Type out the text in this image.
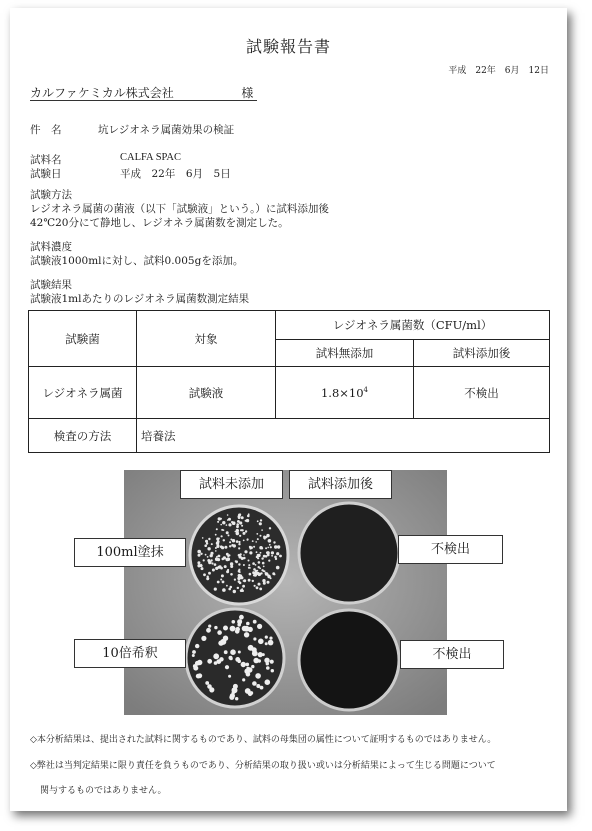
試験報告書
平成　22年　6月　12日
カルファケミカル株式会社	様
件　名	坑レジオネラ属菌効果の検証
試料名	CALFA SPAC
試験日	平成　22年　6月　5日
試験方法
レジオネラ属菌の菌液（以下「試験液」という。）に試料添加後
42℃20分にて静地し、レジオネラ属菌数を測定した。
試料濃度
試験液1000mlに対し、試料0.005gを添加。
試験結果
試験液1mlあたりのレジオネラ属菌数測定結果
試験菌	対象	レジオネラ属菌数（CFU/ml）	
		試料無添加	試料添加後
レジオネラ属菌	試験液	$1.8\times 10^4$	不検出
検査の方法	培養法		
試料未添加	試料添加後
100ml塗抹	不検出
10倍希釈	不検出
◇本分析結果は、提出された試料に関するものであり、試料の母集団の属性について証明するものではありません。
◇弊社は当判定結果に限り責任を負うものであり、分析結果の取り扱い或いは分析結果によって生じる問題について
関与するものではありません。
